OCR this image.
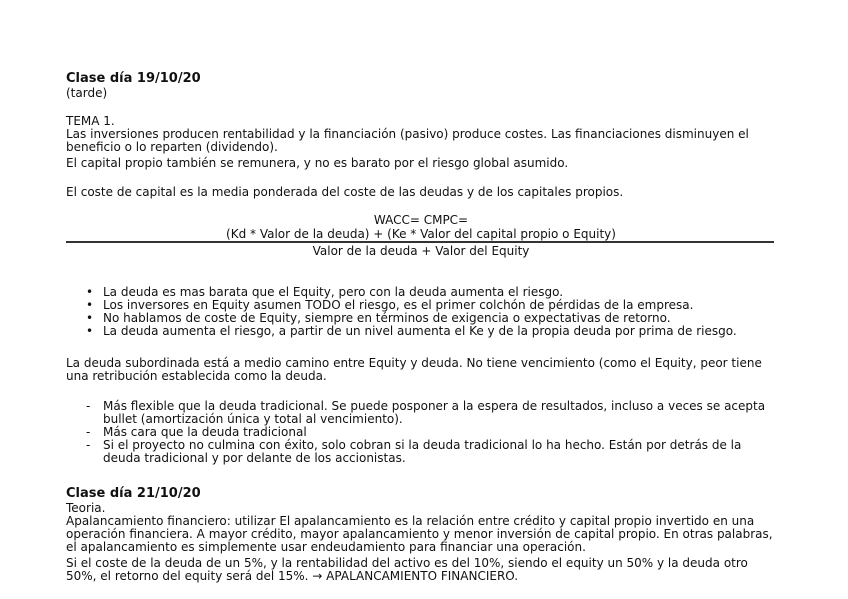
Clase día 19/10/20

(tarde)

TEMA 1.

Las inversiones producen rentabilidad y la financiación (pasivo) produce costes. Las financiaciones disminuyen el beneficio o lo reparten (dividendo).

El capital propio también se remunera, y no es barato por el riesgo global asumido.

El coste de capital es la media ponderada del coste de las deudas y de los capitales propios.

WACC= CMPC=
(Kd * Valor de la deuda) + (Ke * Valor del capital propio o Equity)
Valor de la deuda + Valor del Equity
• La deuda es mas barata que el Equity, pero con la deuda aumenta el riesgo.
• Los inversores en Equity asumen TODO el riesgo, es el primer colchón de pérdidas de la empresa.
• No hablamos de coste de Equity, siempre en términos de exigencia o expectativas de retorno.
• La deuda aumenta el riesgo, a partir de un nivel aumenta el Ke y de la propia deuda por prima de riesgo.

La deuda subordinada está a medio camino entre Equity y deuda. No tiene vencimiento (como el Equity, peor tiene una retribución establecida como la deuda.

- Más flexible que la deuda tradicional. Se puede posponer a la espera de resultados, incluso a veces se acepta bullet (amortización única y total al vencimiento).
- Más cara que la deuda tradicional
- Si el proyecto no culmina con éxito, solo cobran si la deuda tradicional lo ha hecho. Están por detrás de la deuda tradicional y por delante de los accionistas.
Clase día 21/10/20

Teoria.

Apalancamiento financiero: utilizar El apalancamiento es la relación entre crédito y capital propio invertido en una operación financiera. A mayor crédito, mayor apalancamiento y menor inversión de capital propio. En otras palabras, el apalancamiento es simplemente usar endeudamiento para financiar una operación.

Si el coste de la deuda de un 5%, y la rentabilidad del activo es del 10%, siendo el equity un 50% y la deuda otro 50%, el retorno del equity será del 15%. → APALANCAMIENTO FINANCIERO.
